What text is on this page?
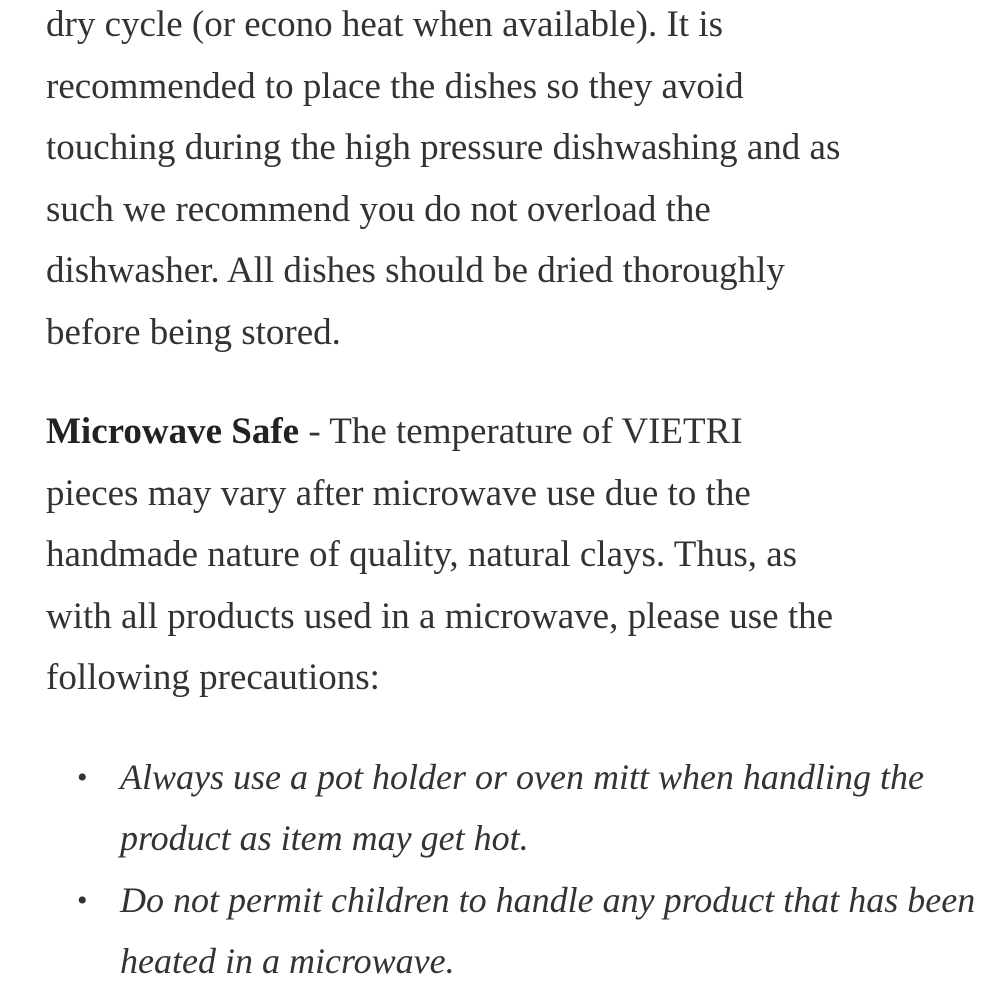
dry cycle (or econo heat when available). It is
recommended to place the dishes so they avoid
touching during the high pressure dishwashing and as
such we recommend you do not overload the
dishwasher. All dishes should be dried thoroughly
before being stored.

Microwave Safe - The temperature of VIETRI
pieces may vary after microwave use due to the
handmade nature of quality, natural clays. Thus, as
with all products used in a microwave, please use the
following precautions:

• Always use a pot holder or oven mitt when handling the
product as item may get hot.
• Do not permit children to handle any product that has been
heated in a microwave.
